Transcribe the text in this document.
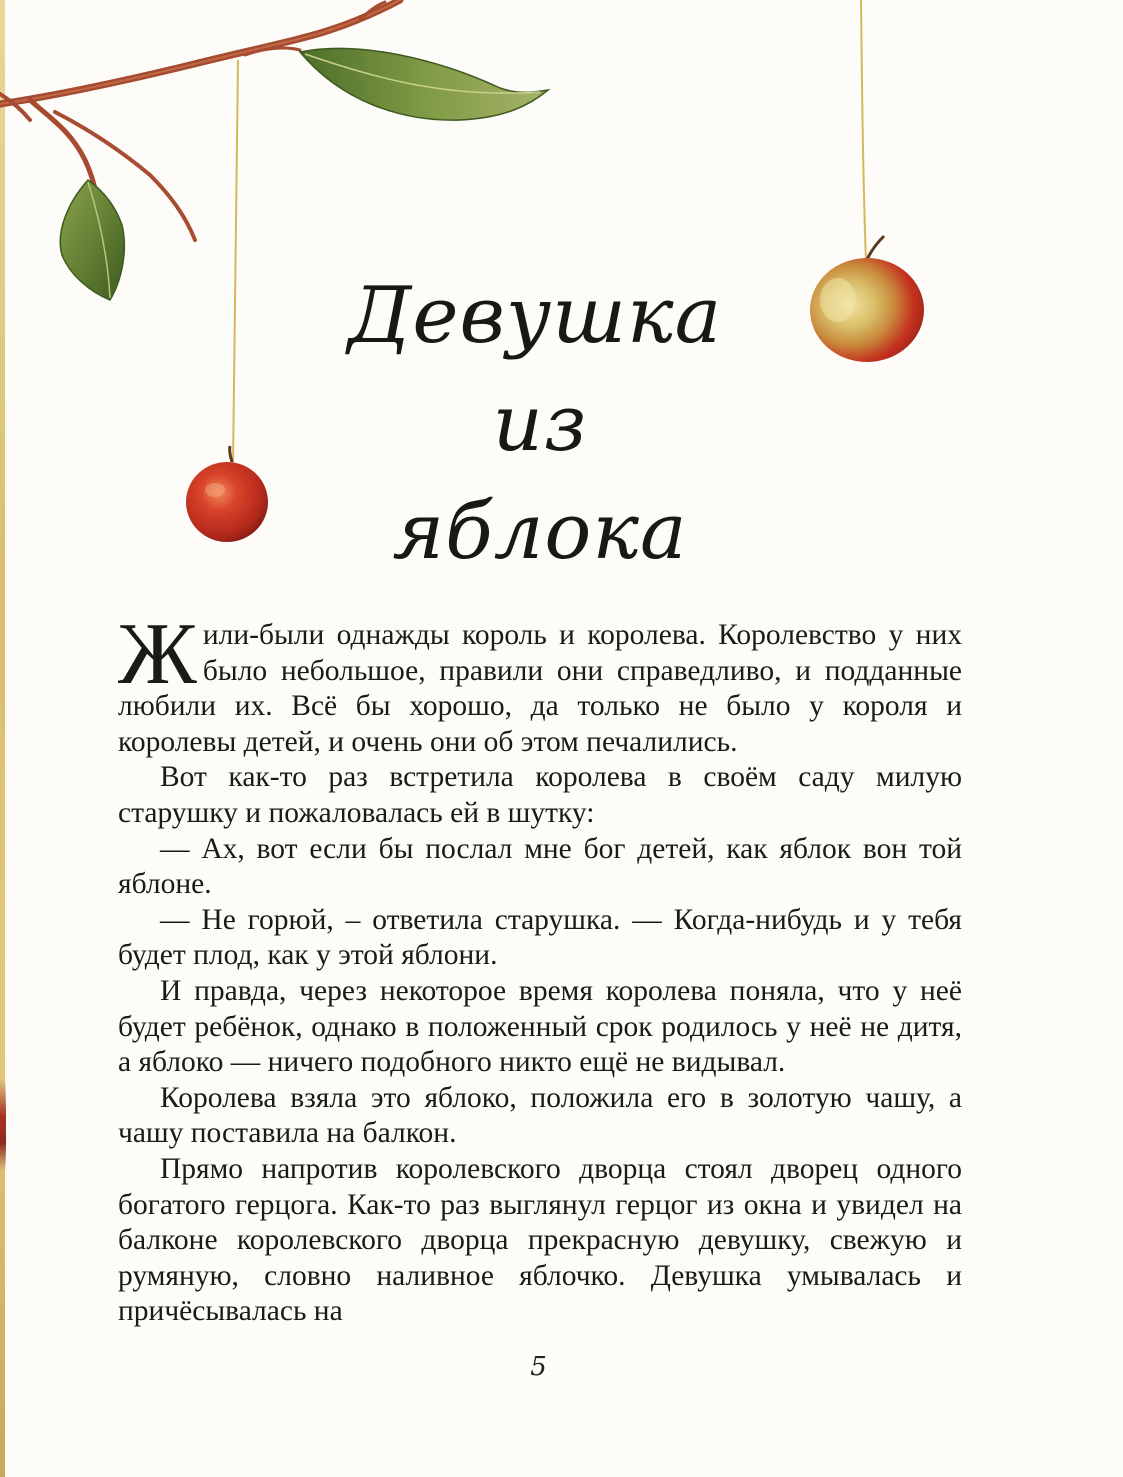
Девушка
из яблока

Жили-были однажды король и королева. Королевство у них было небольшое, правили они справедливо, и подданные любили их. Всё бы хорошо, да только не было у короля и королевы детей, и очень они об этом печалились.

Вот как-то раз встретила королева в своём саду милую старушку и пожаловалась ей в шутку:

— Ах, вот если бы послал мне бог детей, как яблок вон той яблоне.

— Не горюй, – ответила старушка. — Когда-нибудь и у тебя будет плод, как у этой яблони.

И правда, через некоторое время королева поняла, что у неё будет ребёнок, однако в положенный срок родилось у неё не дитя, а яблоко — ничего подобного никто ещё не видывал.

Королева взяла это яблоко, положила его в золотую чашу, а чашу поставила на балкон.

Прямо напротив королевского дворца стоял дворец одного богатого герцога. Как-то раз выглянул герцог из окна и увидел на балконе королевского дворца прекрасную девушку, свежую и румяную, словно наливное яблочко. Девушка умывалась и причёсывалась на

5
